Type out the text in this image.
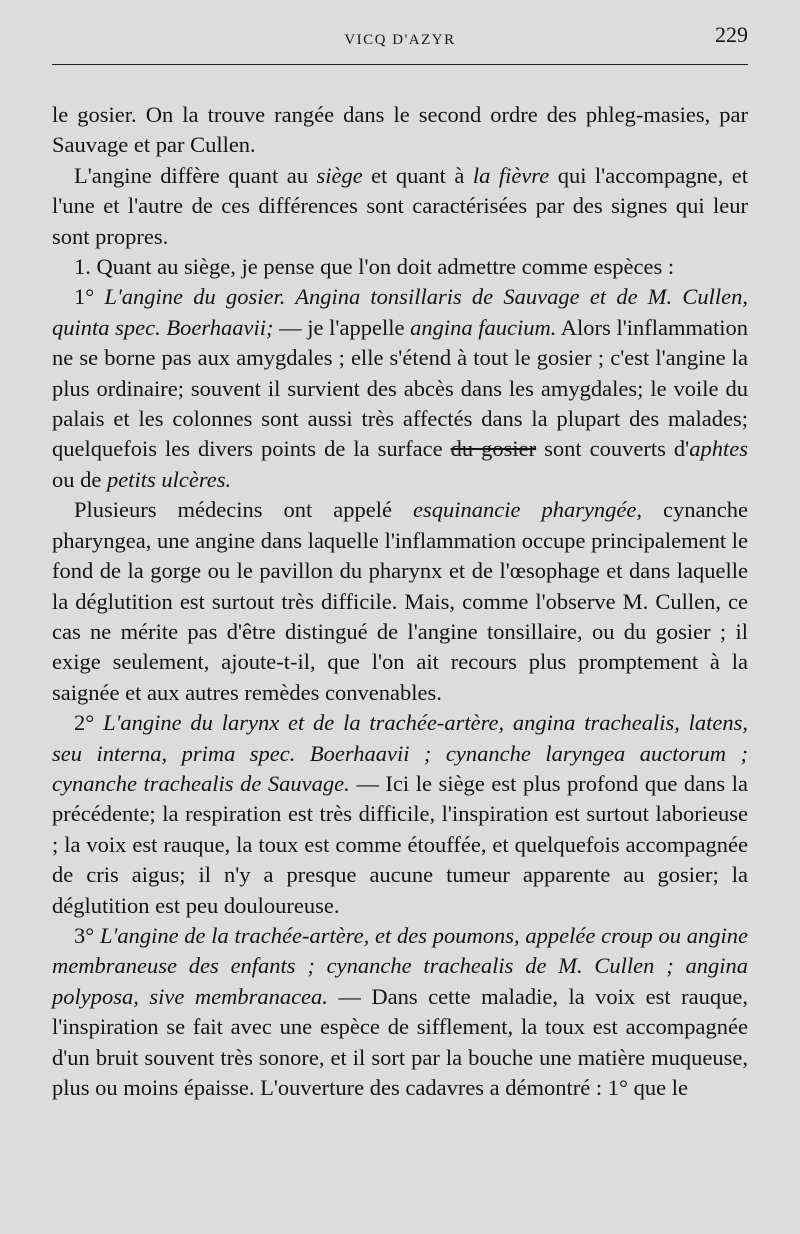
VICQ D'AZYR	229

le gosier. On la trouve rangée dans le second ordre des phleg-masies, par Sauvage et par Cullen.

L'angine diffère quant au siège et quant à la fièvre qui l'accompagne, et l'une et l'autre de ces différences sont caractérisées par des signes qui leur sont propres.

1. Quant au siège, je pense que l'on doit admettre comme espèces :

1° L'angine du gosier. Angina tonsillaris de Sauvage et de M. Cullen, quinta spec. Boerhaavii; — je l'appelle angina faucium. Alors l'inflammation ne se borne pas aux amygdales ; elle s'étend à tout le gosier ; c'est l'angine la plus ordinaire; souvent il survient des abcès dans les amygdales; le voile du palais et les colonnes sont aussi très affectés dans la plupart des malades; quelquefois les divers points de la surface du gosier sont couverts d'aphtes ou de petits ulcères.

Plusieurs médecins ont appelé esquinancie pharyngée, cynanche pharyngea, une angine dans laquelle l'inflammation occupe principalement le fond de la gorge ou le pavillon du pharynx et de l'œsophage et dans laquelle la déglutition est surtout très difficile. Mais, comme l'observe M. Cullen, ce cas ne mérite pas d'être distingué de l'angine tonsillaire, ou du gosier ; il exige seulement, ajoute-t-il, que l'on ait recours plus promptement à la saignée et aux autres remèdes convenables.

2° L'angine du larynx et de la trachée-artère, angina trachealis, latens, seu interna, prima spec. Boerhaavii ; cynanche laryngea auctorum ; cynanche trachealis de Sauvage. — Ici le siège est plus profond que dans la précédente; la respiration est très difficile, l'inspiration est surtout laborieuse ; la voix est rauque, la toux est comme étouffée, et quelquefois accompagnée de cris aigus; il n'y a presque aucune tumeur apparente au gosier; la déglutition est peu douloureuse.

3° L'angine de la trachée-artère, et des poumons, appelée croup ou angine membraneuse des enfants ; cynanche trachealis de M. Cullen ; angina polyposa, sive membranacea. — Dans cette maladie, la voix est rauque, l'inspiration se fait avec une espèce de sifflement, la toux est accompagnée d'un bruit souvent très sonore, et il sort par la bouche une matière muqueuse, plus ou moins épaisse. L'ouverture des cadavres a démontré : 1° que le
